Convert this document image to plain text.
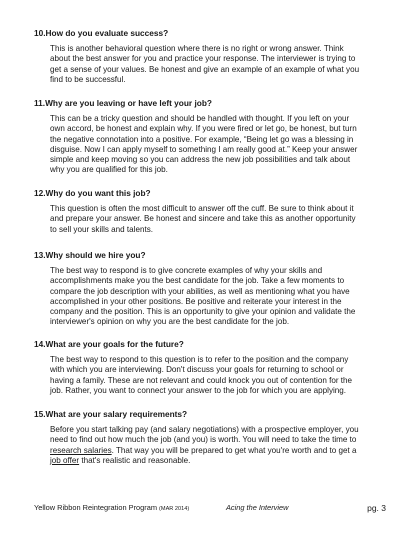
10.How do you evaluate success?

This is another behavioral question where there is no right or wrong answer. Think
about the best answer for you and practice your response. The interviewer is trying to
get a sense of your values. Be honest and give an example of an example of what you
find to be successful.

11.Why are you leaving or have left your job?

This can be a tricky question and should be handled with thought. If you left on your
own accord, be honest and explain why. If you were fired or let go, be honest, but turn
the negative connotation into a positive. For example, “Being let go was a blessing in
disguise. Now I can apply myself to something I am really good at.” Keep your answer
simple and keep moving so you can address the new job possibilities and talk about
why you are qualified for this job.

12.Why do you want this job?

This question is often the most difficult to answer off the cuff. Be sure to think about it
and prepare your answer. Be honest and sincere and take this as another opportunity
to sell your skills and talents.

13.Why should we hire you?

The best way to respond is to give concrete examples of why your skills and
accomplishments make you the best candidate for the job. Take a few moments to
compare the job description with your abilities, as well as mentioning what you have
accomplished in your other positions. Be positive and reiterate your interest in the
company and the position. This is an opportunity to give your opinion and validate the
interviewer's opinion on why you are the best candidate for the job.

14.What are your goals for the future?

The best way to respond to this question is to refer to the position and the company
with which you are interviewing. Don't discuss your goals for returning to school or
having a family. These are not relevant and could knock you out of contention for the
job. Rather, you want to connect your answer to the job for which you are applying.

15.What are your salary requirements?

Before you start talking pay (and salary negotiations) with a prospective employer, you
need to find out how much the job (and you) is worth. You will need to take the time to
research salaries. That way you will be prepared to get what you're worth and to get a
job offer that's realistic and reasonable.

Yellow Ribbon Reintegration Program (MAR 2014)	Acing the Interview	pg. 3
